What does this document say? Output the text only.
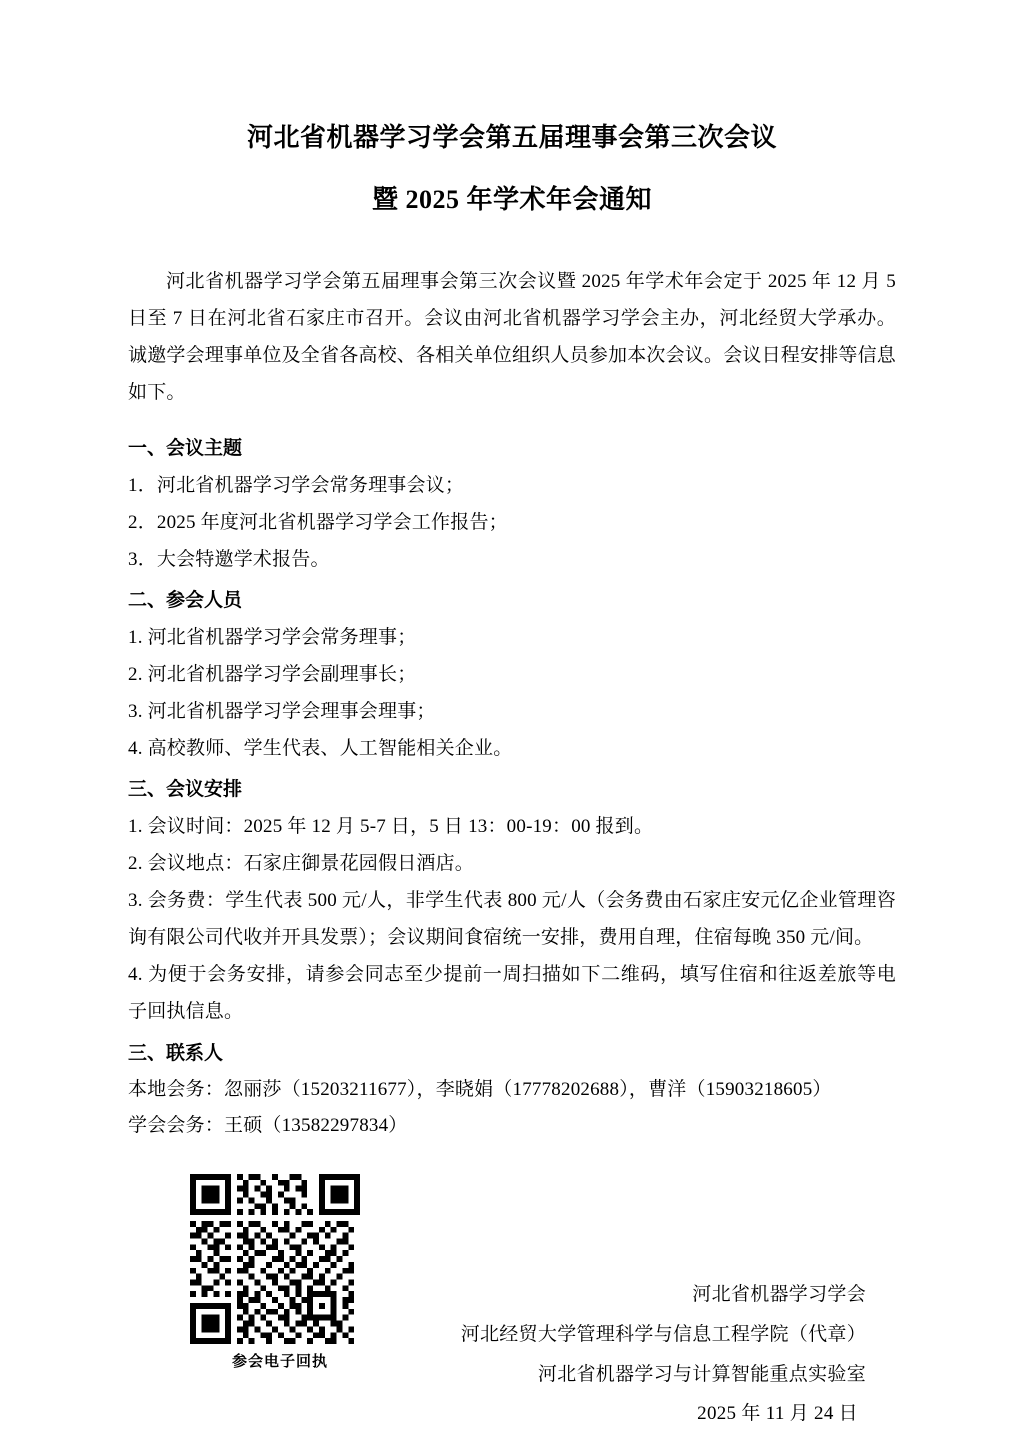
河北省机器学习学会第五届理事会第三次会议
暨 2025 年学术年会通知

河北省机器学习学会第五届理事会第三次会议暨 2025 年学术年会定于 2025 年 12 月 5 日至 7 日在河北省石家庄市召开。会议由河北省机器学习学会主办，河北经贸大学承办。诚邀学会理事单位及全省各高校、各相关单位组织人员参加本次会议。会议日程安排等信息如下。

一、会议主题
1．河北省机器学习学会常务理事会议；
2．2025 年度河北省机器学习学会工作报告；
3．大会特邀学术报告。
二、参会人员
1. 河北省机器学习学会常务理事；
2. 河北省机器学习学会副理事长；
3. 河北省机器学习学会理事会理事；
4. 高校教师、学生代表、人工智能相关企业。
三、会议安排
1. 会议时间：2025 年 12 月 5-7 日，5 日 13：00-19：00 报到。
2. 会议地点：石家庄御景花园假日酒店。
3. 会务费：学生代表 500 元/人，非学生代表 800 元/人（会务费由石家庄安元亿企业管理咨询有限公司代收并开具发票）；会议期间食宿统一安排，费用自理，住宿每晚 350 元/间。
4. 为便于会务安排，请参会同志至少提前一周扫描如下二维码，填写住宿和往返差旅等电子回执信息。
三、联系人
本地会务：忽丽莎（15203211677），李晓娟（17778202688），曹洋（15903218605）
学会会务：王硕（13582297834）
参会电子回执
河北省机器学习学会
河北经贸大学管理科学与信息工程学院（代章）
河北省机器学习与计算智能重点实验室
2025 年 11 月 24 日
